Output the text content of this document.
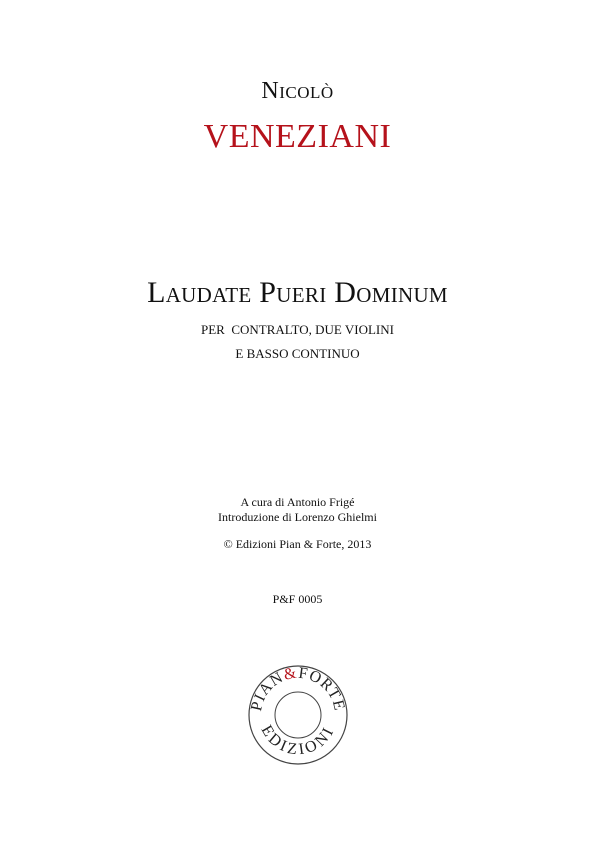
Nicolò
VENEZIANI
Laudate Pueri Dominum
PER  CONTRALTO, DUE VIOLINI
E BASSO CONTINUO
A cura di Antonio Frigé
Introduzione di Lorenzo Ghielmi
© Edizioni Pian & Forte, 2013
P&F 0005
PIAN&FORTE
EDIZIONI
